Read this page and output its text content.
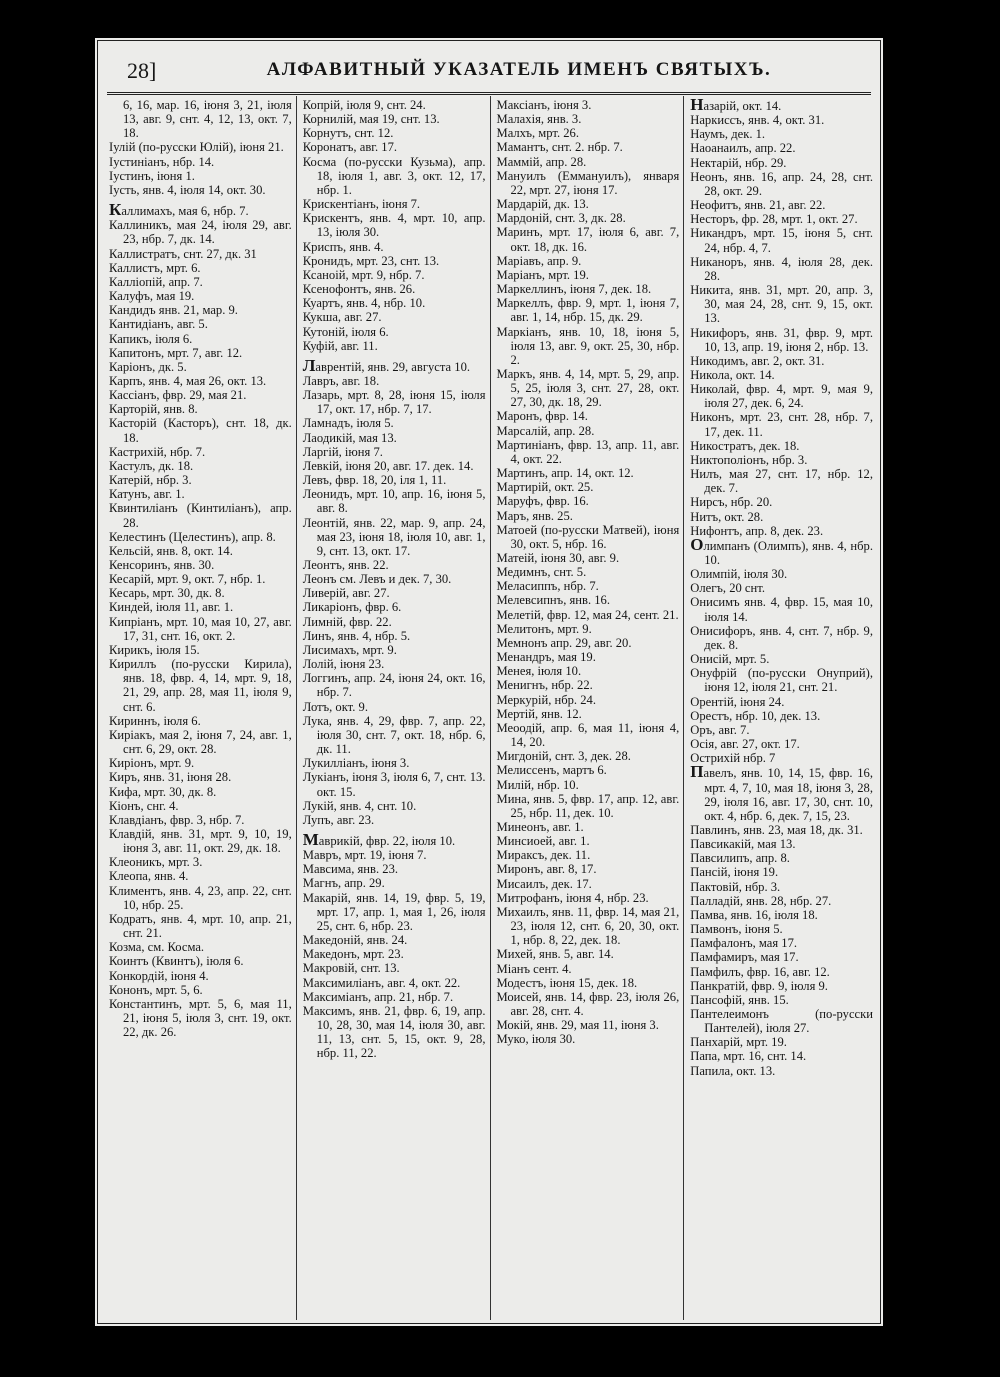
28]	АЛФАВИТНЫЙ УКАЗАТЕЛЬ ИМЕНЪ СВЯТЫХЪ.
6, 16, мар. 16, іюня 3, 21, іюля 13, авг. 9, снт. 4, 12, 13, окт. 7, 18.
Іулій (по-русски Юлій), іюня 21.
Іустиніанъ, нбр. 14.
Іустинъ, іюня 1.
Іусть, янв. 4, іюля 14, окт. 30.
Каллимахъ, мая 6, нбр. 7.
Каллиникъ, мая 24, іюля 29, авг. 23, нбр. 7, дк. 14.
Каллистратъ, снт. 27, дк. 31
Каллистъ, мрт. 6.
Калліопій, апр. 7.
Калуфъ, мая 19.
Кандидъ янв. 21, мар. 9.
Кантидіанъ, авг. 5.
Капикъ, іюля 6.
Капитонъ, мрт. 7, авг. 12.
Каріонъ, дк. 5.
Карпъ, янв. 4, мая 26, окт. 13.
Кассіанъ, фвр. 29, мая 21.
Карторій, янв. 8.
Касторій (Касторъ), снт. 18, дк. 18.
Кастрихій, нбр. 7.
Кастулъ, дк. 18.
Катерій, нбр. 3.
Катунъ, авг. 1.
Квинтиліанъ (Кинтиліанъ), апр. 28.
Келестинъ (Целестинъ), апр. 8.
Кельсій, янв. 8, окт. 14.
Кенсоринъ, янв. 30.
Кесарій, мрт. 9, окт. 7, нбр. 1.
Кесарь, мрт. 30, дк. 8.
Киндей, іюля 11, авг. 1.
Кипріанъ, мрт. 10, мая 10, 27, авг. 17, 31, снт. 16, окт. 2.
Кирикъ, іюля 15.
Кириллъ (по-русски Кирила), янв. 18, фвр. 4, 14, мрт. 9, 18, 21, 29, апр. 28, мая 11, іюля 9, снт. 6.
Кириннъ, іюля 6.
Киріакъ, мая 2, іюня 7, 24, авг. 1, снт. 6, 29, окт. 28.
Киріонъ, мрт. 9.
Киръ, янв. 31, іюня 28.
Кифа, мрт. 30, дк. 8.
Кіонъ, снг. 4.
Клавдіанъ, фвр. 3, нбр. 7.
Клавдій, янв. 31, мрт. 9, 10, 19, іюня 3, авг. 11, окт. 29, дк. 18.
Клеоникъ, мрт. 3.
Клеопа, янв. 4.
Климентъ, янв. 4, 23, апр. 22, снт. 10, нбр. 25.
Кодратъ, янв. 4, мрт. 10, апр. 21, снт. 21.
Козма, см. Косма.
Коинтъ (Квинтъ), іюля 6.
Конкордій, іюня 4.
Кононъ, мрт. 5, 6.
Константинъ, мрт. 5, 6, мая 11, 21, іюня 5, іюля 3, снт. 19, окт. 22, дк. 26.
Копрій, іюля 9, снт. 24.
Корнилій, мая 19, снт. 13.
Корнутъ, снт. 12.
Коронатъ, авг. 17.
Косма (по-русски Кузьма), апр. 18, іюля 1, авг. 3, окт. 12, 17, нбр. 1.
Крискентіанъ, іюня 7.
Крискентъ, янв. 4, мрт. 10, апр. 13, іюля 30.
Криспъ, янв. 4.
Кронидъ, мрт. 23, снт. 13.
Ксаноій, мрт. 9, нбр. 7.
Ксенофонтъ, янв. 26.
Куартъ, янв. 4, нбр. 10.
Кукша, авг. 27.
Кутоній, іюля 6.
Куфій, авг. 11.
Лаврентій, янв. 29, августа 10.
Лавръ, авг. 18.
Лазарь, мрт. 8, 28, іюня 15, іюля 17, окт. 17, нбр. 7, 17.
Ламнадъ, іюля 5.
Лаодикій, мая 13.
Ларгій, іюня 7.
Левкій, іюня 20, авг. 17. дек. 14.
Левъ, фвр. 18, 20, іля 1, 11.
Леонидъ, мрт. 10, апр. 16, іюня 5, авг. 8.
Леонтій, янв. 22, мар. 9, апр. 24, мая 23, іюня 18, іюля 10, авг. 1, 9, снт. 13, окт. 17.
Леонтъ, янв. 22.
Леонъ см. Левъ и дек. 7, 30.
Ливерій, авг. 27.
Ликаріонъ, фвр. 6.
Лимній, фвр. 22.
Линъ, янв. 4, нбр. 5.
Лисимахъ, мрт. 9.
Лолій, іюня 23.
Логгинъ, апр. 24, іюня 24, окт. 16, нбр. 7.
Лотъ, окт. 9.
Лука, янв. 4, 29, фвр. 7, апр. 22, іюля 30, снт. 7, окт. 18, нбр. 6, дк. 11.
Лукилліанъ, іюня 3.
Лукіанъ, іюня 3, іюля 6, 7, снт. 13. окт. 15.
Лукій, янв. 4, снт. 10.
Лупъ, авг. 23.
Маврикій, фвр. 22, іюля 10.
Мавръ, мрт. 19, іюня 7.
Мавсима, янв. 23.
Магнъ, апр. 29.
Макарій, янв. 14, 19, фвр. 5, 19, мрт. 17, апр. 1, мая 1, 26, іюля 25, снт. 6, нбр. 23.
Македоній, янв. 24.
Македонъ, мрт. 23.
Макровій, снт. 13.
Максимиліанъ, авг. 4, окт. 22.
Максиміанъ, апр. 21, нбр. 7.
Максимъ, янв. 21, фвр. 6, 19, апр. 10, 28, 30, мая 14, іюля 30, авг. 11, 13, снт. 5, 15, окт. 9, 28, нбр. 11, 22.
Максіанъ, іюня 3.
Малахія, янв. 3.
Малхъ, мрт. 26.
Мамантъ, снт. 2. нбр. 7.
Маммій, апр. 28.
Мануилъ (Еммануилъ), января 22, мрт. 27, іюня 17.
Мардарій, дк. 13.
Мардоній, снт. 3, дк. 28.
Маринъ, мрт. 17, іюля 6, авг. 7, окт. 18, дк. 16.
Маріавъ, апр. 9.
Маріанъ, мрт. 19.
Маркеллинъ, іюня 7, дек. 18.
Маркеллъ, фвр. 9, мрт. 1, іюня 7, авг. 1, 14, нбр. 15, дк. 29.
Маркіанъ, янв. 10, 18, іюня 5, іюля 13, авг. 9, окт. 25, 30, нбр. 2.
Маркъ, янв. 4, 14, мрт. 5, 29, апр. 5, 25, іюля 3, снт. 27, 28, окт. 27, 30, дк. 18, 29.
Маронъ, фвр. 14.
Марсалій, апр. 28.
Мартиніанъ, фвр. 13, апр. 11, авг. 4, окт. 22.
Мартинъ, апр. 14, окт. 12.
Мартирій, окт. 25.
Маруфъ, фвр. 16.
Маръ, янв. 25.
Матоей (по-русски Матвей), іюня 30, окт. 5, нбр. 16.
Матеій, іюня 30, авг. 9.
Медимнъ, снт. 5.
Меласиппъ, нбр. 7.
Мелевсипнъ, янв. 16.
Мелетій, фвр. 12, мая 24, сент. 21.
Мелитонъ, мрт. 9.
Мемнонъ апр. 29, авг. 20.
Менандръ, мая 19.
Менея, іюля 10.
Менигнъ, нбр. 22.
Меркурій, нбр. 24.
Мертій, янв. 12.
Меоодій, апр. 6, мая 11, іюня 4, 14, 20.
Мигдоній, снт. 3, дек. 28.
Мелиссенъ, мартъ 6.
Милій, нбр. 10.
Мина, янв. 5, фвр. 17, апр. 12, авг. 25, нбр. 11, дек. 10.
Минеонъ, авг. 1.
Минсиоей, авг. 1.
Мираксъ, дек. 11.
Миронъ, авг. 8, 17.
Мисаилъ, дек. 17.
Митрофанъ, іюня 4, нбр. 23.
Михаилъ, янв. 11, фвр. 14, мая 21, 23, іюля 12, снт. 6, 20, 30, окт. 1, нбр. 8, 22, дек. 18.
Михей, янв. 5, авг. 14.
Міанъ сент. 4.
Модестъ, іюня 15, дек. 18.
Моисей, янв. 14, фвр. 23, іюля 26, авг. 28, снт. 4.
Мокій, янв. 29, мая 11, іюня 3.
Муко, іюля 30.
Назарій, окт. 14.
Наркиссъ, янв. 4, окт. 31.
Наумъ, дек. 1.
Наоанаилъ, апр. 22.
Нектарій, нбр. 29.
Неонъ, янв. 16, апр. 24, 28, снт. 28, окт. 29.
Неофитъ, янв. 21, авг. 22.
Несторъ, фр. 28, мрт. 1, окт. 27.
Никандръ, мрт. 15, іюня 5, снт. 24, нбр. 4, 7.
Никаноръ, янв. 4, іюля 28, дек. 28.
Никита, янв. 31, мрт. 20, апр. 3, 30, мая 24, 28, снт. 9, 15, окт. 13.
Никифоръ, янв. 31, фвр. 9, мрт. 10, 13, апр. 19, іюня 2, нбр. 13.
Никодимъ, авг. 2, окт. 31.
Никола, окт. 14.
Николай, фвр. 4, мрт. 9, мая 9, іюля 27, дек. 6, 24.
Никонъ, мрт. 23, снт. 28, нбр. 7, 17, дек. 11.
Никостратъ, дек. 18.
Никтополіонъ, нбр. 3.
Нилъ, мая 27, снт. 17, нбр. 12, дек. 7.
Нирсъ, нбр. 20.
Нитъ, окт. 28.
Нифонтъ, апр. 8, дек. 23.
Олимпанъ (Олимпъ), янв. 4, нбр. 10.
Олимпій, іюля 30.
Олегъ, 20 снт.
Онисимъ янв. 4, фвр. 15, мая 10, іюля 14.
Онисифоръ, янв. 4, снт. 7, нбр. 9, дек. 8.
Онисій, мрт. 5.
Онуфрій (по-русски Онуприй), іюня 12, іюля 21, снт. 21.
Орентій, іюня 24.
Орестъ, нбр. 10, дек. 13.
Оръ, авг. 7.
Осія, авг. 27, окт. 17.
Острихій нбр. 7
Павелъ, янв. 10, 14, 15, фвр. 16, мрт. 4, 7, 10, мая 18, іюня 3, 28, 29, іюля 16, авг. 17, 30, снт. 10, окт. 4, нбр. 6, дек. 7, 15, 23.
Павлинъ, янв. 23, мая 18, дк. 31.
Павсикакій, мая 13.
Павсилипъ, апр. 8.
Пансій, іюня 19.
Пактовій, нбр. 3.
Палладій, янв. 28, нбр. 27.
Памва, янв. 16, іюля 18.
Памвонъ, іюня 5.
Памфалонъ, мая 17.
Памфамиръ, мая 17.
Памфилъ, фвр. 16, авг. 12.
Панкратій, фвр. 9, іюля 9.
Пансофій, янв. 15.
Пантелеимонъ (по-русски Пантелей), іюля 27.
Панхарій, мрт. 19.
Папа, мрт. 16, снт. 14.
Папила, окт. 13.
